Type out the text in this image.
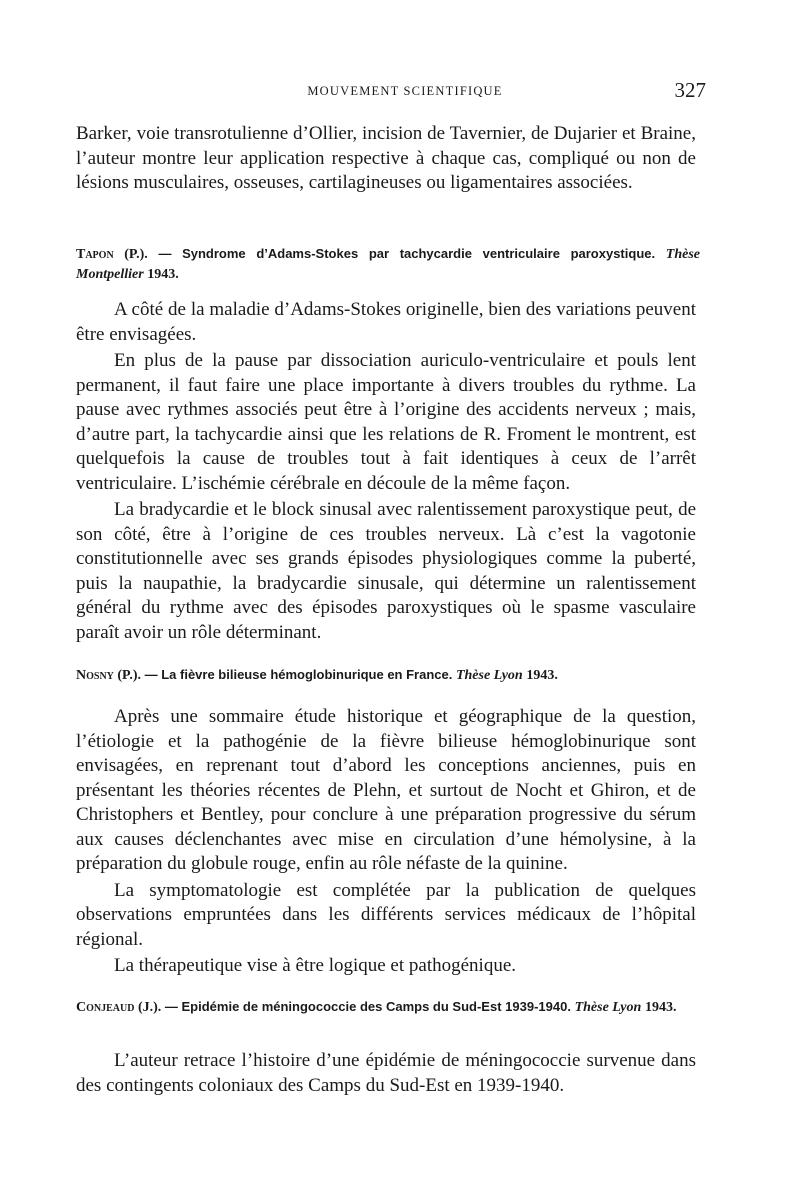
MOUVEMENT SCIENTIFIQUE	327

Barker, voie transrotulienne d’Ollier, incision de Tavernier, de Dujarier et Braine, l’auteur montre leur application respective à chaque cas, compliqué ou non de lésions musculaires, osseuses, cartilagineuses ou ligamentaires associées.

Tapon (P.). — Syndrome d’Adams-Stokes par tachycardie ventriculaire paroxystique. Thèse Montpellier 1943.

A côté de la maladie d’Adams-Stokes originelle, bien des variations peuvent être envisagées.

En plus de la pause par dissociation auriculo-ventriculaire et pouls lent permanent, il faut faire une place importante à divers troubles du rythme. La pause avec rythmes associés peut être à l’origine des accidents nerveux ; mais, d’autre part, la tachycardie ainsi que les relations de R. Froment le montrent, est quelquefois la cause de troubles tout à fait identiques à ceux de l’arrêt ventriculaire. L’ischémie cérébrale en découle de la même façon.

La bradycardie et le block sinusal avec ralentissement paroxystique peut, de son côté, être à l’origine de ces troubles nerveux. Là c’est la vagotonie constitutionnelle avec ses grands épisodes physiologiques comme la puberté, puis la naupathie, la bradycardie sinusale, qui détermine un ralentissement général du rythme avec des épisodes paroxystiques où le spasme vasculaire paraît avoir un rôle déterminant.

Nosny (P.). — La fièvre bilieuse hémoglobinurique en France. Thèse Lyon 1943.

Après une sommaire étude historique et géographique de la question, l’étiologie et la pathogénie de la fièvre bilieuse hémoglobinurique sont envisagées, en reprenant tout d’abord les conceptions anciennes, puis en présentant les théories récentes de Plehn, et surtout de Nocht et Ghiron, et de Christophers et Bentley, pour conclure à une préparation progressive du sérum aux causes déclenchantes avec mise en circulation d’une hémolysine, à la préparation du globule rouge, enfin au rôle néfaste de la quinine.

La symptomatologie est complétée par la publication de quelques observations empruntées dans les différents services médicaux de l’hôpital régional.

La thérapeutique vise à être logique et pathogénique.

Conjeaud (J.). — Epidémie de méningococcie des Camps du Sud-Est 1939-1940. Thèse Lyon 1943.

L’auteur retrace l’histoire d’une épidémie de méningococcie survenue dans des contingents coloniaux des Camps du Sud-Est en 1939-1940.
